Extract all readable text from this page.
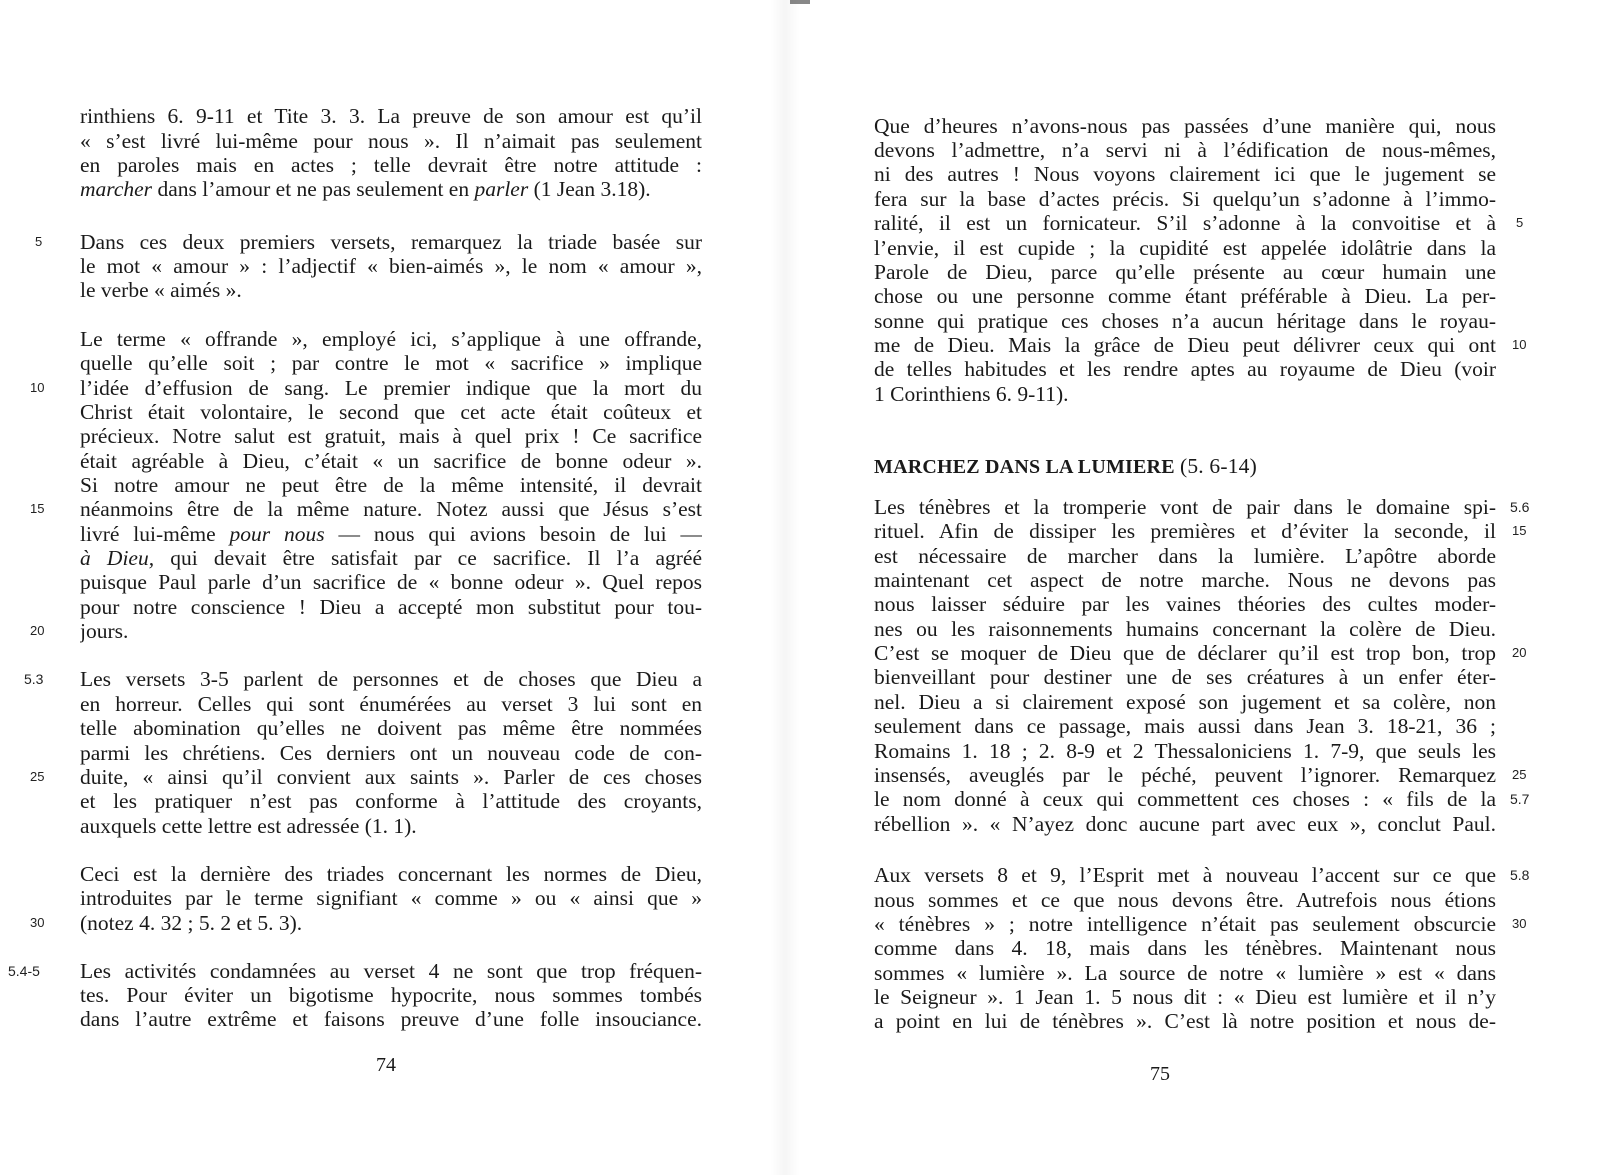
rinthiens 6. 9-11 et Tite 3. 3. La preuve de son amour est qu’il
« s’est livré lui-même pour nous ». Il n’aimait pas seulement
en paroles mais en actes ; telle devrait être notre attitude :
marcher dans l’amour et ne pas seulement en parler (1 Jean 3.18).
Dans ces deux premiers versets, remarquez la triade basée sur
le mot « amour » : l’adjectif « bien-aimés », le nom « amour »,
le verbe « aimés ».
Le terme « offrande », employé ici, s’applique à une offrande,
quelle qu’elle soit ; par contre le mot « sacrifice » implique
l’idée d’effusion de sang. Le premier indique que la mort du
Christ était volontaire, le second que cet acte était coûteux et
précieux. Notre salut est gratuit, mais à quel prix ! Ce sacrifice
était agréable à Dieu, c’était « un sacrifice de bonne odeur ».
Si notre amour ne peut être de la même intensité, il devrait
néanmoins être de la même nature. Notez aussi que Jésus s’est
livré lui-même pour nous — nous qui avions besoin de lui —
à Dieu, qui devait être satisfait par ce sacrifice. Il l’a agréé
puisque Paul parle d’un sacrifice de « bonne odeur ». Quel repos
pour notre conscience ! Dieu a accepté mon substitut pour tou-
jours.
Les versets 3-5 parlent de personnes et de choses que Dieu a
en horreur. Celles qui sont énumérées au verset 3 lui sont en
telle abomination qu’elles ne doivent pas même être nommées
parmi les chrétiens. Ces derniers ont un nouveau code de con-
duite, « ainsi qu’il convient aux saints ». Parler de ces choses
et les pratiquer n’est pas conforme à l’attitude des croyants,
auxquels cette lettre est adressée (1. 1).
Ceci est la dernière des triades concernant les normes de Dieu,
introduites par le terme signifiant « comme » ou « ainsi que »
(notez 4. 32 ; 5. 2 et 5. 3).
Les activités condamnées au verset 4 ne sont que trop fréquen-
tes. Pour éviter un bigotisme hypocrite, nous sommes tombés
dans l’autre extrême et faisons preuve d’une folle insouciance.
5
10
15
20
25
30
5.3
5.4-5
74
Que d’heures n’avons-nous pas passées d’une manière qui, nous
devons l’admettre, n’a servi ni à l’édification de nous-mêmes,
ni des autres ! Nous voyons clairement ici que le jugement se
fera sur la base d’actes précis. Si quelqu’un s’adonne à l’immo-
ralité, il est un fornicateur. S’il s’adonne à la convoitise et à
l’envie, il est cupide ; la cupidité est appelée idolâtrie dans la
Parole de Dieu, parce qu’elle présente au cœur humain une
chose ou une personne comme étant préférable à Dieu. La per-
sonne qui pratique ces choses n’a aucun héritage dans le royau-
me de Dieu. Mais la grâce de Dieu peut délivrer ceux qui ont
de telles habitudes et les rendre aptes au royaume de Dieu (voir
1 Corinthiens 6. 9-11).
MARCHEZ DANS LA LUMIERE (5. 6-14)
Les ténèbres et la tromperie vont de pair dans le domaine spi-
rituel. Afin de dissiper les premières et d’éviter la seconde, il
est nécessaire de marcher dans la lumière. L’apôtre aborde
maintenant cet aspect de notre marche. Nous ne devons pas
nous laisser séduire par les vaines théories des cultes moder-
nes ou les raisonnements humains concernant la colère de Dieu.
C’est se moquer de Dieu que de déclarer qu’il est trop bon, trop
bienveillant pour destiner une de ses créatures à un enfer éter-
nel. Dieu a si clairement exposé son jugement et sa colère, non
seulement dans ce passage, mais aussi dans Jean 3. 18-21, 36 ;
Romains 1. 18 ; 2. 8-9 et 2 Thessaloniciens 1. 7-9, que seuls les
insensés, aveuglés par le péché, peuvent l’ignorer. Remarquez
le nom donné à ceux qui commettent ces choses : « fils de la
rébellion ». « N’ayez donc aucune part avec eux », conclut Paul.
Aux versets 8 et 9, l’Esprit met à nouveau l’accent sur ce que
nous sommes et ce que nous devons être. Autrefois nous étions
« ténèbres » ; notre intelligence n’était pas seulement obscurcie
comme dans 4. 18, mais dans les ténèbres. Maintenant nous
sommes « lumière ». La source de notre « lumière » est « dans
le Seigneur ». 1 Jean 1. 5 nous dit : « Dieu est lumière et il n’y
a point en lui de ténèbres ». C’est là notre position et nous de-
5
10
15
20
25
30
5.6
5.7
5.8
75
